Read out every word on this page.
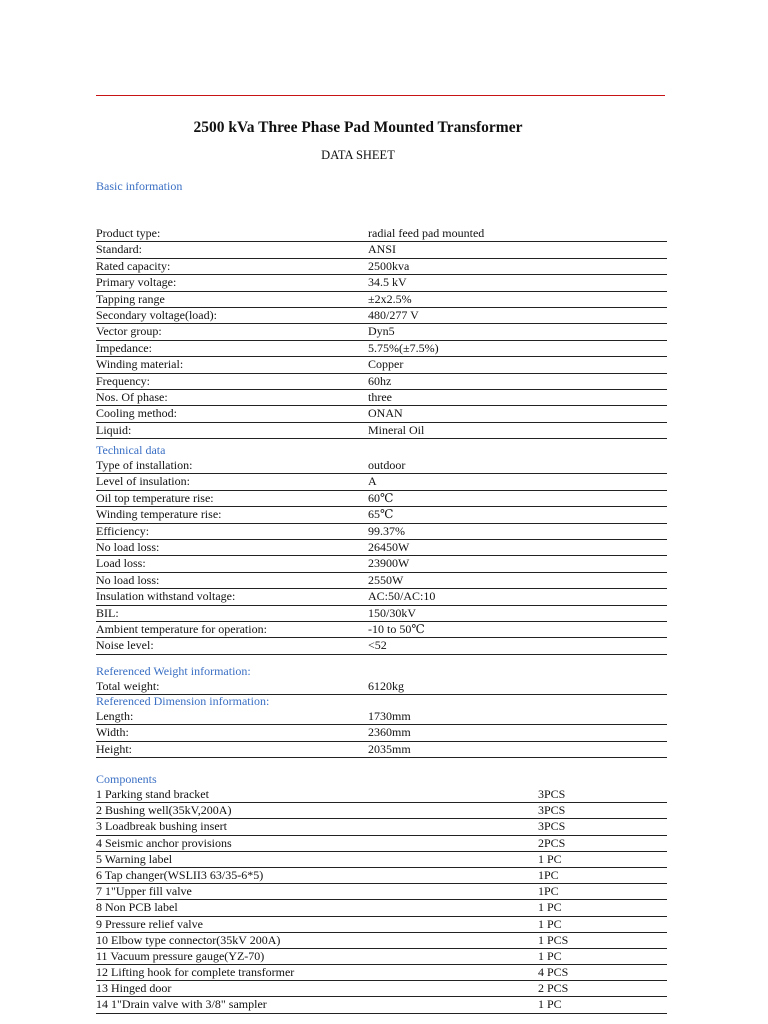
2500 kVa Three Phase Pad Mounted Transformer
DATA SHEET
Basic information
Product type:	radial feed pad mounted
Standard:	ANSI
Rated capacity:	2500kva
Primary voltage:	34.5 kV
Tapping range	±2x2.5%
Secondary voltage(load):	480/277 V
Vector group:	Dyn5
Impedance:	5.75%(±7.5%)
Winding material:	Copper
Frequency:	60hz
Nos. Of phase:	three
Cooling method:	ONAN
Liquid:	Mineral Oil
Technical data
Type of installation:	outdoor
Level of insulation:	A
Oil top temperature rise:	60℃
Winding temperature rise:	65℃
Efficiency:	99.37%
No load loss:	26450W
Load loss:	23900W
No load loss:	2550W
Insulation withstand voltage:	AC:50/AC:10
BIL:	150/30kV
Ambient temperature for operation:	-10 to 50℃
Noise level:	<52
Referenced Weight information:
Total weight:	6120kg
Referenced Dimension information:
Length:	1730mm
Width:	2360mm
Height:	2035mm
Components
1 Parking stand bracket	3PCS
2 Bushing well(35kV,200A)	3PCS
3 Loadbreak bushing insert	3PCS
4 Seismic anchor provisions	2PCS
5 Warning label	1 PC
6 Tap changer(WSLII3 63/35-6*5)	1PC
7 1"Upper fill valve	1PC
8 Non PCB label	1 PC
9 Pressure relief valve	1 PC
10 Elbow type connector(35kV 200A)	1 PCS
11 Vacuum pressure gauge(YZ-70)	1 PC
12 Lifting hook for complete transformer	4 PCS
13 Hinged door	2 PCS
14 1"Drain valve with 3/8" sampler	1 PC
